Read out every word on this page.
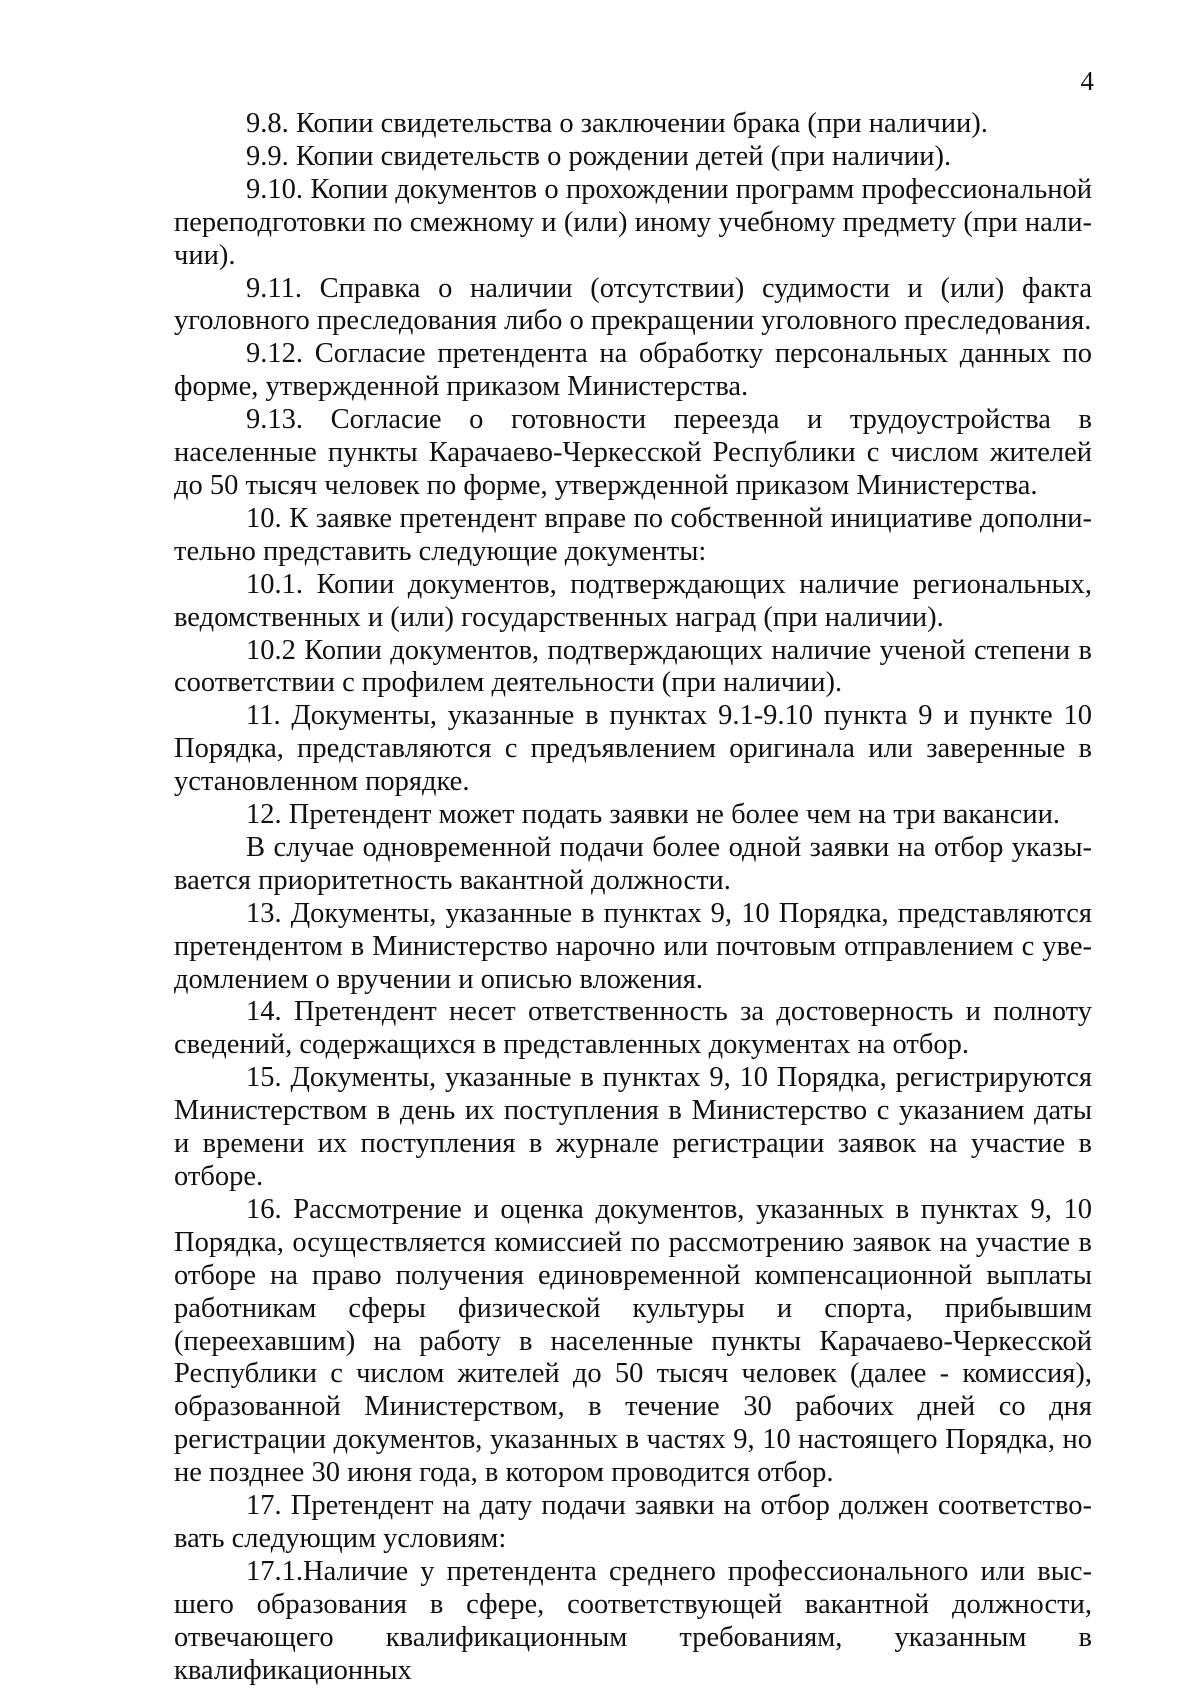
4

9.8. Копии свидетельства о заключении брака (при наличии).

9.9. Копии свидетельств о рождении детей (при наличии).

9.10. Копии документов о прохождении программ профессиональной переподготовки по смежному и (или) иному учебному предмету (при наличии).

9.11. Справка о наличии (отсутствии) судимости и (или) факта уголовного преследования либо о прекращении уголовного преследования.

9.12. Согласие претендента на обработку персональных данных по форме, утвержденной приказом Министерства.

9.13. Согласие о готовности переезда и трудоустройства в населенные пункты Карачаево-Черкесской Республики с числом жителей до 50 тысяч человек по форме, утвержденной приказом Министерства.

10. К заявке претендент вправе по собственной инициативе дополнительно представить следующие документы:

10.1. Копии документов, подтверждающих наличие региональных, ведомственных и (или) государственных наград (при наличии).

10.2 Копии документов, подтверждающих наличие ученой степени в соответствии с профилем деятельности (при наличии).

11. Документы, указанные в пунктах 9.1-9.10 пункта 9 и пункте 10 Порядка, представляются с предъявлением оригинала или заверенные в установленном порядке.

12. Претендент может подать заявки не более чем на три вакансии.

В случае одновременной подачи более одной заявки на отбор указывается приоритетность вакантной должности.

13. Документы, указанные в пунктах 9, 10 Порядка, представляются претендентом в Министерство нарочно или почтовым отправлением с уведомлением о вручении и описью вложения.

14. Претендент несет ответственность за достоверность и полноту сведений, содержащихся в представленных документах на отбор.

15. Документы, указанные в пунктах 9, 10 Порядка, регистрируются Министерством в день их поступления в Министерство с указанием даты и времени их поступления в журнале регистрации заявок на участие в отборе.

16. Рассмотрение и оценка документов, указанных в пунктах 9, 10 Порядка, осуществляется комиссией по рассмотрению заявок на участие в отборе на право получения единовременной компенсационной выплаты работникам сферы физической культуры и спорта, прибывшим (переехавшим) на работу в населенные пункты Карачаево-Черкесской Республики с числом жителей до 50 тысяч человек (далее - комиссия), образованной Министерством, в течение 30 рабочих дней со дня регистрации документов, указанных в частях 9, 10 настоящего Порядка, но не позднее 30 июня года, в котором проводится отбор.

17. Претендент на дату подачи заявки на отбор должен соответствовать следующим условиям:

17.1.Наличие у претендента среднего профессионального или высшего образования в сфере, соответствующей вакантной должности, отвечающего квалификационным требованиям, указанным в квалификационных
